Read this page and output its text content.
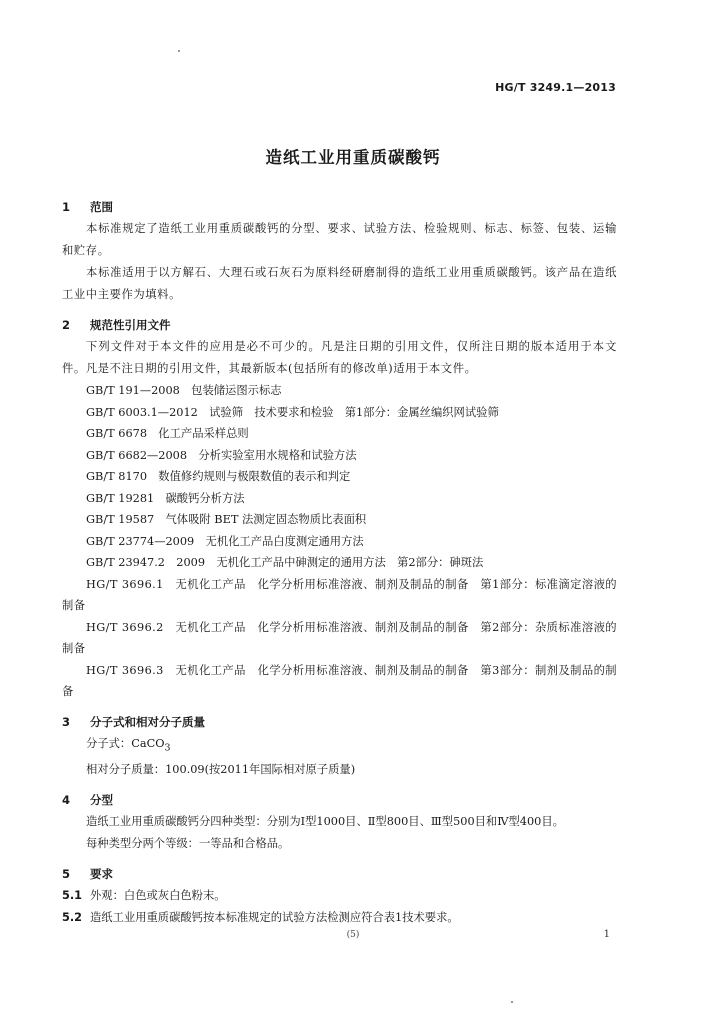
HG/T 3249.1—2013
造纸工业用重质碳酸钙
1 范围
本标准规定了造纸工业用重质碳酸钙的分型、要求、试验方法、检验规则、标志、标签、包装、运输和贮存。
本标准适用于以方解石、大理石或石灰石为原料经研磨制得的造纸工业用重质碳酸钙。该产品在造纸工业中主要作为填料。
2 规范性引用文件
下列文件对于本文件的应用是必不可少的。凡是注日期的引用文件，仅所注日期的版本适用于本文件。凡是不注日期的引用文件，其最新版本(包括所有的修改单)适用于本文件。
GB/T 191—2008　包装储运图示标志
GB/T 6003.1—2012　试验筛　技术要求和检验　第1部分：金属丝编织网试验筛
GB/T 6678　化工产品采样总则
GB/T 6682—2008　分析实验室用水规格和试验方法
GB/T 8170　数值修约规则与极限数值的表示和判定
GB/T 19281　碳酸钙分析方法
GB/T 19587　气体吸附 BET 法测定固态物质比表面积
GB/T 23774—2009　无机化工产品白度测定通用方法
GB/T 23947.2　2009　无机化工产品中砷测定的通用方法　第2部分：砷斑法
HG/T 3696.1　无机化工产品　化学分析用标准溶液、制剂及制品的制备　第1部分：标准滴定溶液的制备
HG/T 3696.2　无机化工产品　化学分析用标准溶液、制剂及制品的制备　第2部分：杂质标准溶液的制备
HG/T 3696.3　无机化工产品　化学分析用标准溶液、制剂及制品的制备　第3部分：制剂及制品的制备
3 分子式和相对分子质量
分子式：CaCO$_3$
相对分子质量：100.09(按2011年国际相对原子质量)
4 分型
造纸工业用重质碳酸钙分四种类型：分别为Ⅰ型1000目、Ⅱ型800目、Ⅲ型500目和Ⅳ型400目。
每种类型分两个等级：一等品和合格品。
5 要求
5.1 外观：白色或灰白色粉末。
5.2 造纸工业用重质碳酸钙按本标准规定的试验方法检测应符合表1技术要求。
(5)	1
